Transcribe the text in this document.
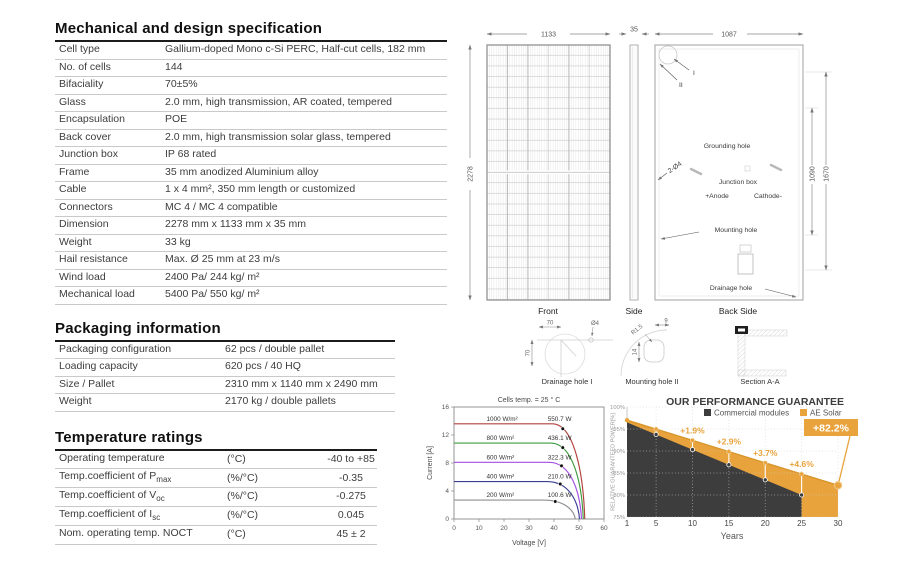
Mechanical and design specification
Cell type	Gallium-doped Mono c-Si PERC, Half-cut cells, 182 mm
No. of cells	144
Bifaciality	70±5%
Glass	2.0 mm, high transmission, AR coated, tempered
Encapsulation	POE
Back cover	2.0 mm, high transmission solar glass, tempered
Junction box	IP 68 rated
Frame	35 mm anodized Aluminium alloy
Cable	1 x 4 mm², 350 mm length or customized
Connectors	MC 4 / MC 4 compatible
Dimension	2278 mm x 1133 mm x 35 mm
Weight	33 kg
Hail resistance	Max. Ø 25 mm at 23 m/s
Wind load	2400 Pa/ 244 kg/ m²
Mechanical load	5400 Pa/ 550 kg/ m²
Packaging information
Packaging configuration	62 pcs / double pallet
Loading capacity	620 pcs / 40 HQ
Size / Pallet	2310 mm x 1140 mm x 2490 mm
Weight	2170 kg / double pallets
Temperature ratings
Operating temperature	(°C)	-40 to +85
Temp.coefficient of $P_{max}$	(%/°C)	-0.35
Temp.coefficient of $V_{oc}$	(%/°C)	-0.275
Temp.coefficient of $I_{sc}$	(%/°C)	0.045
Nom. operating temp. NOCT	(°C)	45 ± 2
1133
2278
Front
35
Side
1087
I
II
Grounding hole
2-Ø4
Junction box
+Anode	Cathode-
Mounting hole
Drainage hole
1090 1670
Back Side
70
70
Ø4
Drainage hole I
R1.5
9
14
Mounting hole II	Section A-A
0	10	20	30	40	50	60
0
4
8
12
16
Cells temp. = 25 ° C
Voltage [V]
Current [A]
1000 W/m²	550.7 W
800 W/m²	436.1 W
600 W/m²	322.3 W
400 W/m²	210.0 W
200 W/m²	100.6 W
+1.9%
+2.9%
+3.7%
+4.6%
+82.2%
75%
80%
85%
90%
95%
100%
1	5	10	15	20	25	30
Years
RELATIVE GUARANTEED POWER[%]
OUR PERFORMANCE GUARANTEE
Commercial modules	AE Solar
